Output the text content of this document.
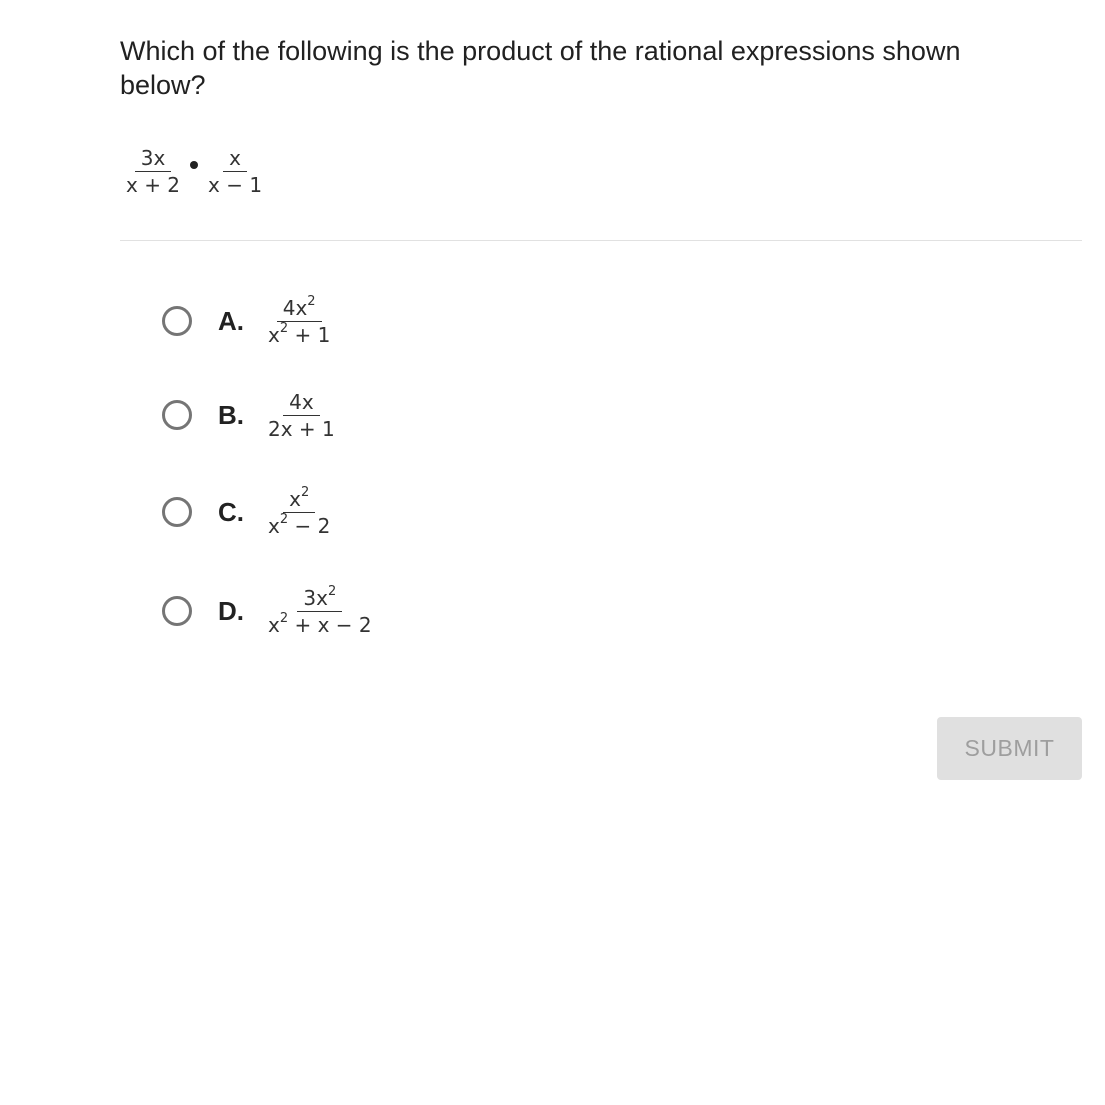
Which of the following is the product of the rational expressions shown below?

$\frac{3x}{x + 2} \frac{x}{x - 1}$
A. $\frac{4x^2}{x^2 + 1}$
B. $\frac{4x}{2x + 1}$
C. $\frac{x^2}{x^2 - 2}$
D. $\frac{3x^2}{x^2 + x - 2}$
SUBMIT
